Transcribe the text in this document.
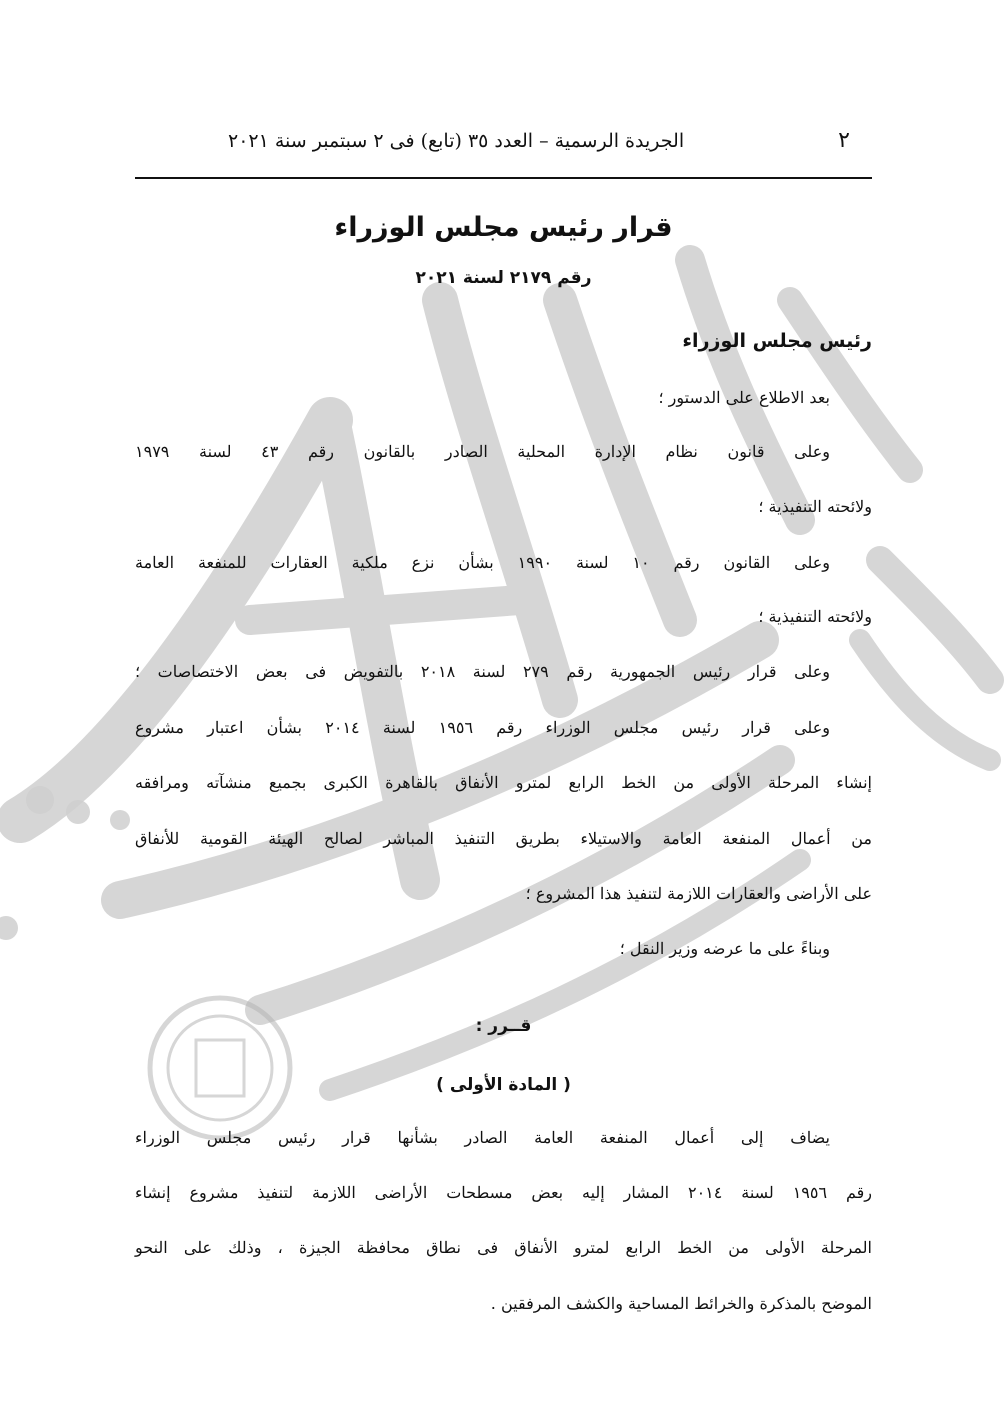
٢
الجريدة الرسمية – العدد ٣٥ (تابع) فى ٢ سبتمبر سنة ٢٠٢١
قرار رئيس مجلس الوزراء
رقم ٢١٧٩ لسنة ٢٠٢١
رئيس مجلس الوزراء
بعد الاطلاع على الدستور ؛
وعلى قانون نظام الإدارة المحلية الصادر بالقانون رقم ٤٣ لسنة ١٩٧٩
ولائحته التنفيذية ؛
وعلى القانون رقم ١٠ لسنة ١٩٩٠ بشأن نزع ملكية العقارات للمنفعة العامة
ولائحته التنفيذية ؛
وعلى قرار رئيس الجمهورية رقم ٢٧٩ لسنة ٢٠١٨ بالتفويض فى بعض الاختصاصات ؛
وعلى قرار رئيس مجلس الوزراء رقم ١٩٥٦ لسنة ٢٠١٤ بشأن اعتبار مشروع
إنشاء المرحلة الأولى من الخط الرابع لمترو الأنفاق بالقاهرة الكبرى بجميع منشآته ومرافقه
من أعمال المنفعة العامة والاستيلاء بطريق التنفيذ المباشر لصالح الهيئة القومية للأنفاق
على الأراضى والعقارات اللازمة لتنفيذ هذا المشروع ؛
وبناءً على ما عرضه وزير النقل ؛
قــرر :
( المادة الأولى )
يضاف إلى أعمال المنفعة العامة الصادر بشأنها قرار رئيس مجلس الوزراء
رقم ١٩٥٦ لسنة ٢٠١٤ المشار إليه بعض مسطحات الأراضى اللازمة لتنفيذ مشروع إنشاء
المرحلة الأولى من الخط الرابع لمترو الأنفاق فى نطاق محافظة الجيزة ، وذلك على النحو
الموضح بالمذكرة والخرائط المساحية والكشف المرفقين .
